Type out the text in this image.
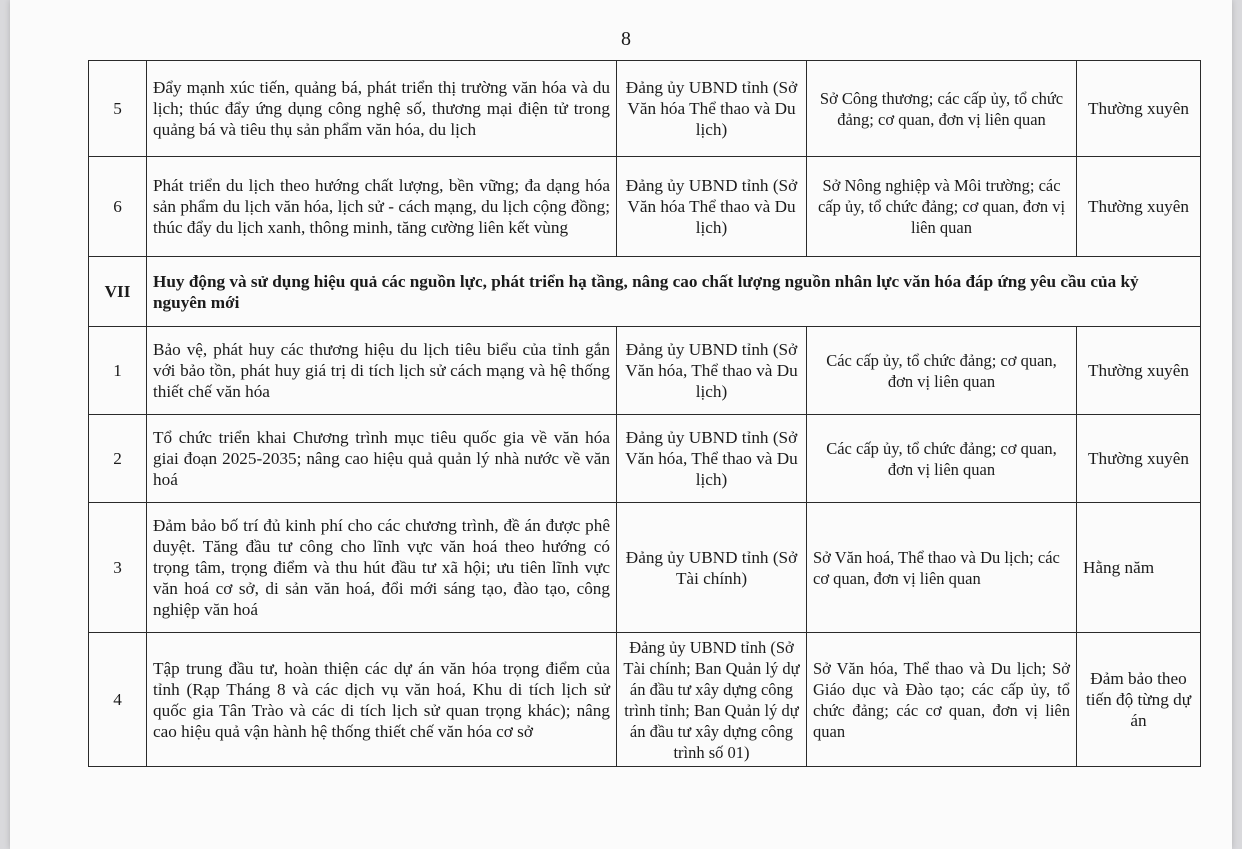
8
5	Đẩy mạnh xúc tiến, quảng bá, phát triển thị trường văn hóa và du lịch; thúc đẩy ứng dụng công nghệ số, thương mại điện tử trong quảng bá và tiêu thụ sản phẩm văn hóa, du lịch	Đảng ủy UBND tỉnh (Sở Văn hóa Thể thao và Du lịch)	Sở Công thương; các cấp ủy, tổ chức đảng; cơ quan, đơn vị liên quan	Thường xuyên
6	Phát triển du lịch theo hướng chất lượng, bền vững; đa dạng hóa sản phẩm du lịch văn hóa, lịch sử - cách mạng, du lịch cộng đồng; thúc đẩy du lịch xanh, thông minh, tăng cường liên kết vùng	Đảng ủy UBND tỉnh (Sở Văn hóa Thể thao và Du lịch)	Sở Nông nghiệp và Môi trường; các cấp ủy, tổ chức đảng; cơ quan, đơn vị liên quan	Thường xuyên
VII	Huy động và sử dụng hiệu quả các nguồn lực, phát triển hạ tầng, nâng cao chất lượng nguồn nhân lực văn hóa đáp ứng yêu cầu của kỷ nguyên mới			
1	Bảo vệ, phát huy các thương hiệu du lịch tiêu biểu của tỉnh gắn với bảo tồn, phát huy giá trị di tích lịch sử cách mạng và hệ thống thiết chế văn hóa	Đảng ủy UBND tỉnh (Sở Văn hóa, Thể thao và Du lịch)	Các cấp ủy, tổ chức đảng; cơ quan, đơn vị liên quan	Thường xuyên
2	Tổ chức triển khai Chương trình mục tiêu quốc gia về văn hóa giai đoạn 2025-2035; nâng cao hiệu quả quản lý nhà nước về văn hoá	Đảng ủy UBND tỉnh (Sở Văn hóa, Thể thao và Du lịch)	Các cấp ủy, tổ chức đảng; cơ quan, đơn vị liên quan	Thường xuyên
3	Đảm bảo bố trí đủ kinh phí cho các chương trình, đề án được phê duyệt. Tăng đầu tư công cho lĩnh vực văn hoá theo hướng có trọng tâm, trọng điểm và thu hút đầu tư xã hội; ưu tiên lĩnh vực văn hoá cơ sở, di sản văn hoá, đổi mới sáng tạo, đào tạo, công nghiệp văn hoá	Đảng ủy UBND tỉnh (Sở Tài chính)	Sở Văn hoá, Thể thao và Du lịch; các cơ quan, đơn vị liên quan	Hằng năm
4	Tập trung đầu tư, hoàn thiện các dự án văn hóa trọng điểm của tỉnh (Rạp Tháng 8 và các dịch vụ văn hoá, Khu di tích lịch sử quốc gia Tân Trào và các di tích lịch sử quan trọng khác); nâng cao hiệu quả vận hành hệ thống thiết chế văn hóa cơ sở	Đảng ủy UBND tỉnh (Sở Tài chính; Ban Quản lý dự án đầu tư xây dựng công trình tỉnh; Ban Quản lý dự án đầu tư xây dựng công trình số 01)	Sở Văn hóa, Thể thao và Du lịch; Sở Giáo dục và Đào tạo; các cấp ủy, tổ chức đảng; các cơ quan, đơn vị liên quan	Đảm bảo theo tiến độ từng dự án
